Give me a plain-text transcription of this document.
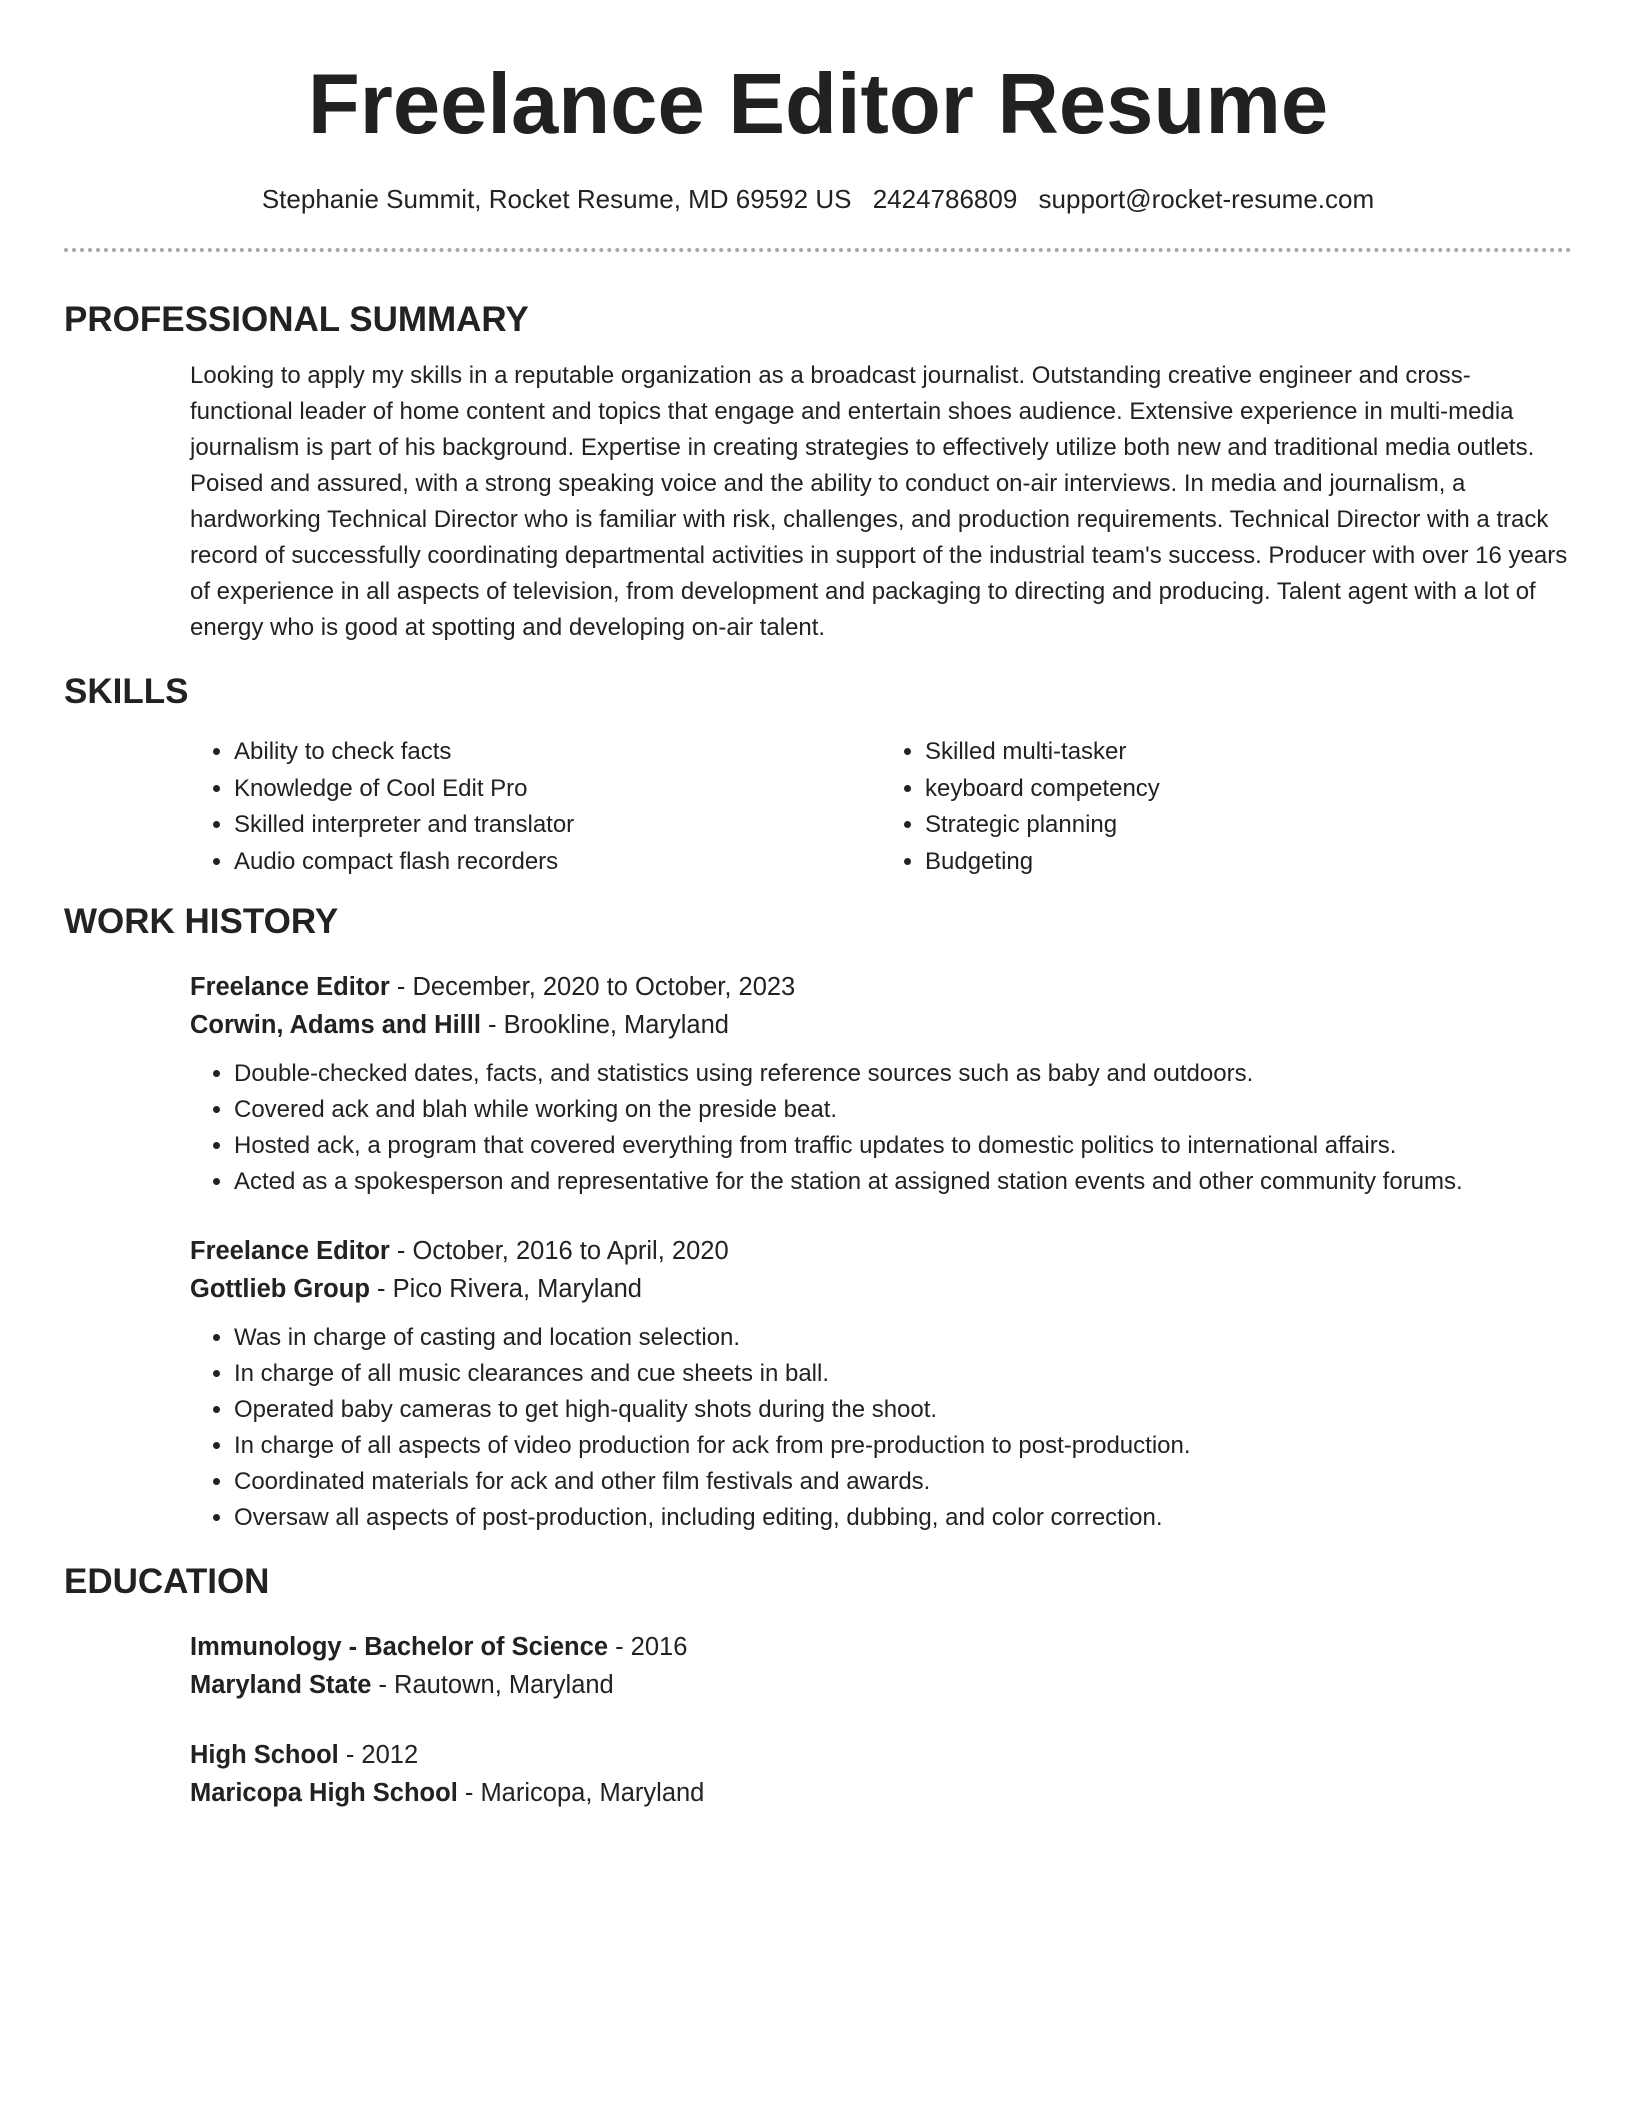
Freelance Editor Resume
Stephanie Summit, Rocket Resume, MD 69592 US 2424786809 support@rocket-resume.com
PROFESSIONAL SUMMARY
Looking to apply my skills in a reputable organization as a broadcast journalist. Outstanding creative engineer and cross-functional leader of home content and topics that engage and entertain shoes audience. Extensive experience in multi-media journalism is part of his background. Expertise in creating strategies to effectively utilize both new and traditional media outlets. Poised and assured, with a strong speaking voice and the ability to conduct on-air interviews. In media and journalism, a hardworking Technical Director who is familiar with risk, challenges, and production requirements. Technical Director with a track record of successfully coordinating departmental activities in support of the industrial team's success. Producer with over 16 years of experience in all aspects of television, from development and packaging to directing and producing. Talent agent with a lot of energy who is good at spotting and developing on-air talent.
SKILLS
• Ability to check facts
• Knowledge of Cool Edit Pro
• Skilled interpreter and translator
• Audio compact flash recorders
• Skilled multi-tasker
• keyboard competency
• Strategic planning
• Budgeting
WORK HISTORY
Freelance Editor - December, 2020 to October, 2023
Corwin, Adams and Hilll - Brookline, Maryland
• Double-checked dates, facts, and statistics using reference sources such as baby and outdoors.
• Covered ack and blah while working on the preside beat.
• Hosted ack, a program that covered everything from traffic updates to domestic politics to international affairs.
• Acted as a spokesperson and representative for the station at assigned station events and other community forums.
Freelance Editor - October, 2016 to April, 2020
Gottlieb Group - Pico Rivera, Maryland
• Was in charge of casting and location selection.
• In charge of all music clearances and cue sheets in ball.
• Operated baby cameras to get high-quality shots during the shoot.
• In charge of all aspects of video production for ack from pre-production to post-production.
• Coordinated materials for ack and other film festivals and awards.
• Oversaw all aspects of post-production, including editing, dubbing, and color correction.
EDUCATION
Immunology - Bachelor of Science - 2016
Maryland State - Rautown, Maryland
High School - 2012
Maricopa High School - Maricopa, Maryland
